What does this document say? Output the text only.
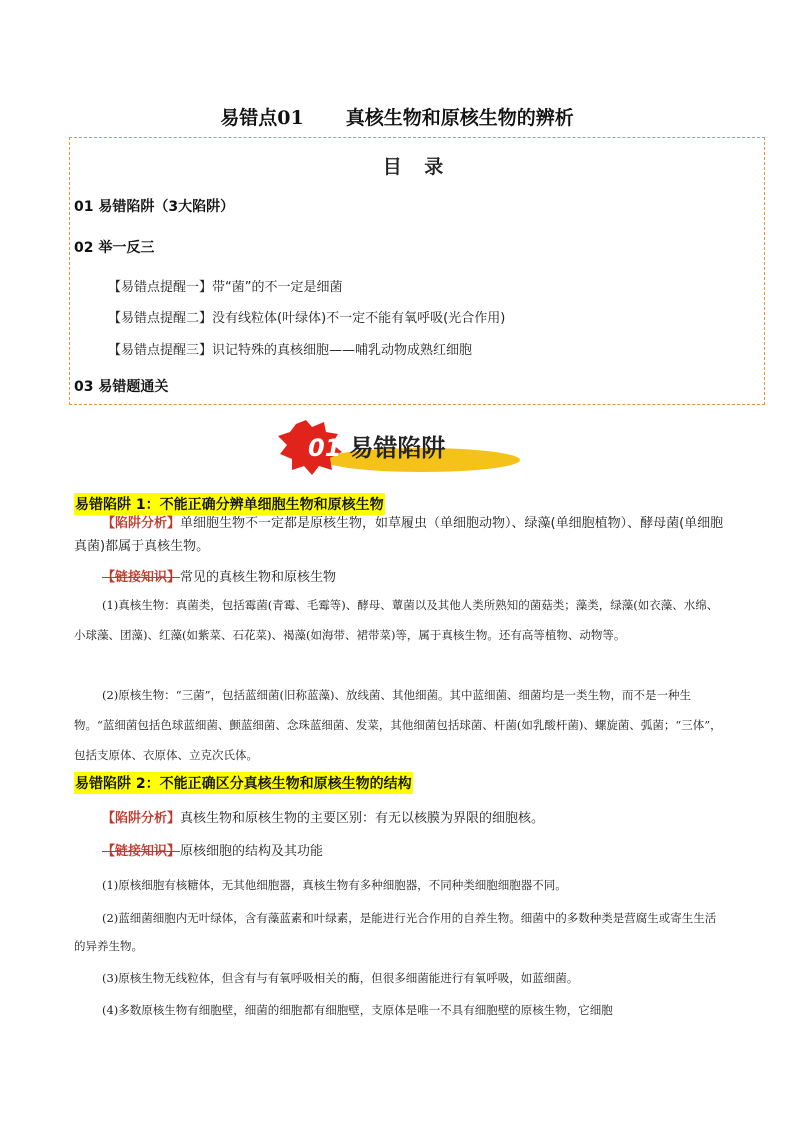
易错点01 真核生物和原核生物的辨析
目 录
01 易错陷阱（3大陷阱）
02 举一反三
【易错点提醒一】带“菌”的不一定是细菌
【易错点提醒二】没有线粒体(叶绿体)不一定不能有氧呼吸(光合作用)
【易错点提醒三】识记特殊的真核细胞——哺乳动物成熟红细胞
03 易错题通关
01 易错陷阱
易错陷阱 1：不能正确分辨单细胞生物和原核生物
【陷阱分析】单细胞生物不一定都是原核生物，如草履虫（单细胞动物）、绿藻(单细胞植物）、酵母菌(单细胞真菌)都属于真核生物。
【链接知识】常见的真核生物和原核生物
(1)真核生物：真菌类，包括霉菌(青霉、毛霉等)、酵母、蕈菌以及其他人类所熟知的菌菇类；藻类，绿藻(如衣藻、水绵、小球藻、团藻)、红藻(如紫菜、石花菜)、褐藻(如海带、裙带菜)等，属于真核生物。还有高等植物、动物等。
(2)原核生物：“三菌”，包括蓝细菌(旧称蓝藻)、放线菌、其他细菌。其中蓝细菌、细菌均是一类生物，而不是一种生物。“蓝细菌包括色球蓝细菌、颤蓝细菌、念珠蓝细菌、发菜，其他细菌包括球菌、杆菌(如乳酸杆菌)、螺旋菌、弧菌；“三体”，包括支原体、衣原体、立克次氏体。
易错陷阱 2：不能正确区分真核生物和原核生物的结构
【陷阱分析】真核生物和原核生物的主要区别：有无以核膜为界限的细胞核。
【链接知识】原核细胞的结构及其功能
(1)原核细胞有核糖体，无其他细胞器，真核生物有多种细胞器，不同种类细胞细胞器不同。
(2)蓝细菌细胞内无叶绿体，含有藻蓝素和叶绿素，是能进行光合作用的自养生物。细菌中的多数种类是营腐生或寄生生活的异养生物。
(3)原核生物无线粒体，但含有与有氧呼吸相关的酶，但很多细菌能进行有氧呼吸，如蓝细菌。
(4)多数原核生物有细胞壁，细菌的细胞都有细胞壁，支原体是唯一不具有细胞壁的原核生物，它细胞
